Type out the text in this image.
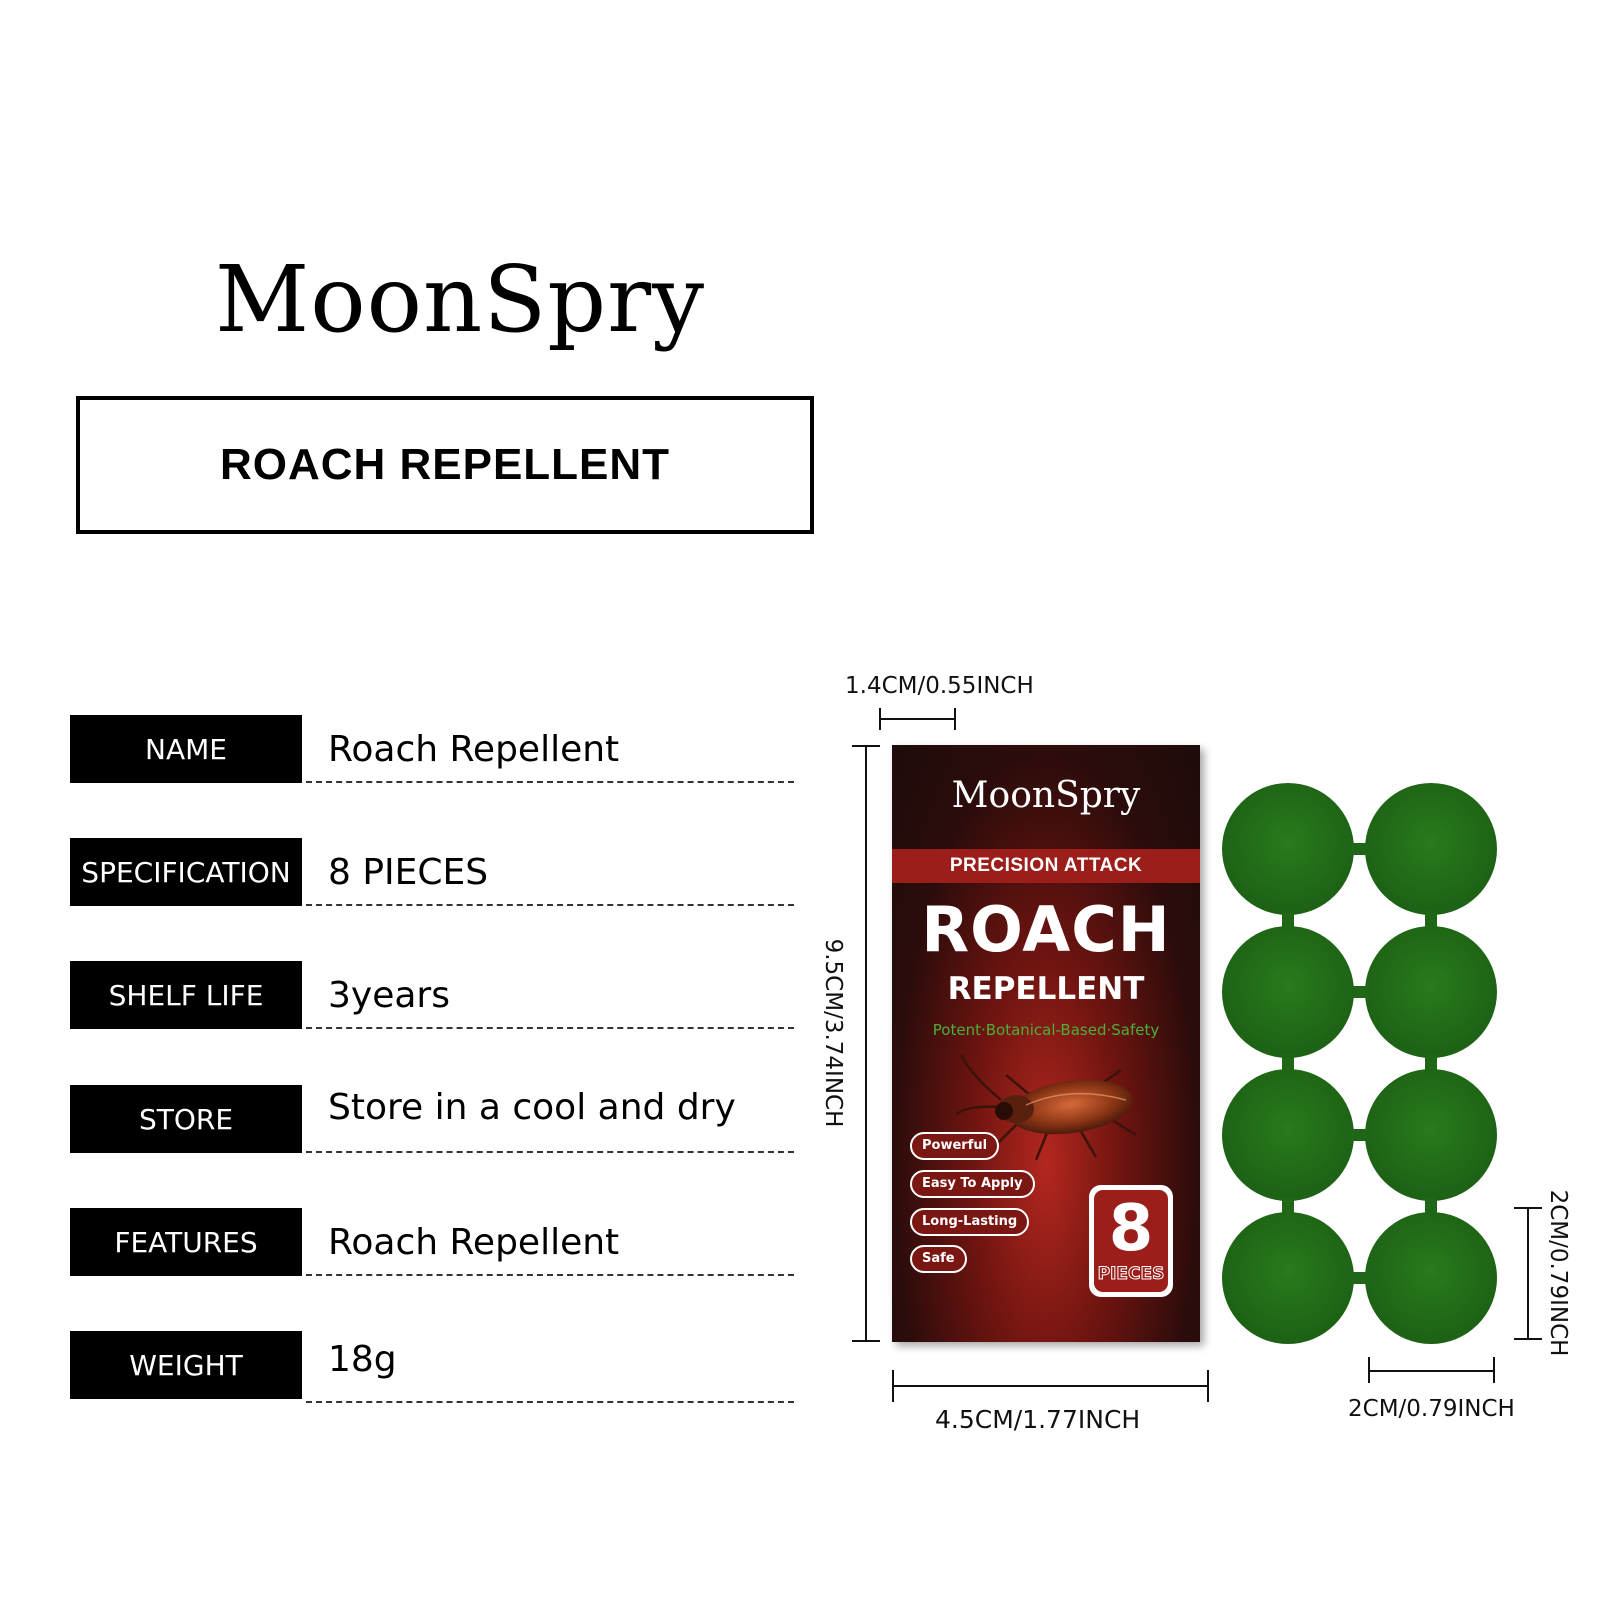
MoonSpry
ROACH REPELLENT
NAME	Roach Repellent
SPECIFICATION	8 PIECES
SHELF LIFE	3years
STORE	Store in a cool and dry
FEATURES	Roach Repellent
WEIGHT	18g
1.4CM/0.55INCH
9.5CM/3.74INCH
MoonSpry
PRECISION ATTACK
ROACH
REPELLENT
Potent·Botanical-Based·Safety
Powerful
Easy To Apply
Long-Lasting
Safe 8
PIECES
4.5CM/1.77INCH	2CM/0.79INCH
2CM/0.79INCH
